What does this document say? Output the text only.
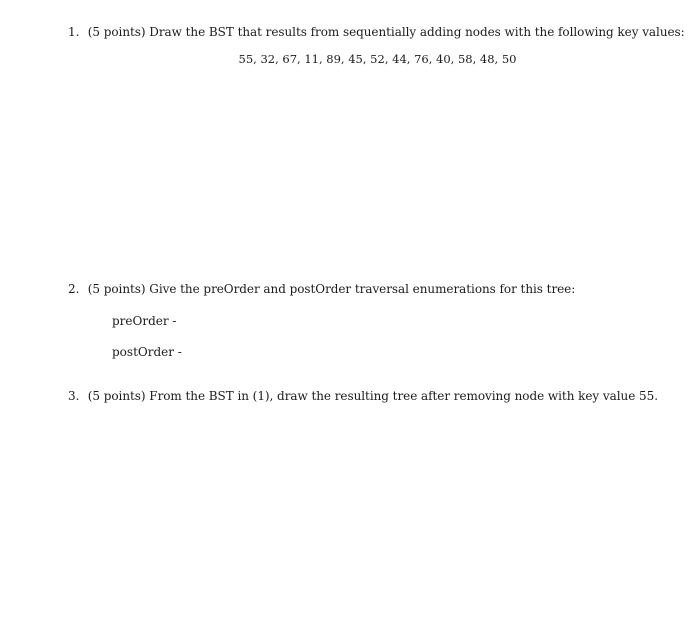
1. (5 points) Draw the BST that results from sequentially adding nodes with the following key values:
55, 32, 67, 11, 89, 45, 52, 44, 76, 40, 58, 48, 50
2. (5 points) Give the preOrder and postOrder traversal enumerations for this tree:
preOrder -
postOrder -
3. (5 points) From the BST in (1), draw the resulting tree after removing node with key value 55.
